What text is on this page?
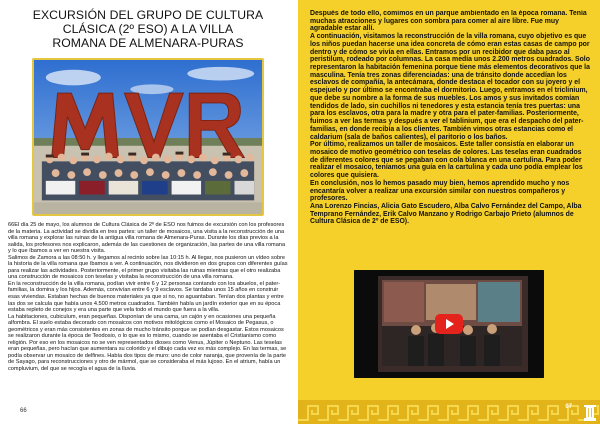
EXCURSIÓN DEL GRUPO DE CULTURA
CLÁSICA (2º ESO) A LA VILLA
ROMANA DE ALMENARA-PURAS

66El día 25 de mayo, los alumnos de Cultura Clásica de 2º de ESO nos fuimos de excursión con los profesores de la materia. La actividad se dividía en tres partes: un taller de mosaicos, una visita a la reconstrucción de una villa romana y explorar las ruinas de la antigua villa romana de Almenara-Puras. Durante los días previos a la salida, los profesores nos explicaron, además de las cuestiones de organización, las partes de una villa romana y lo que íbamos a ver en nuestra visita.

Salimos de Zamora a las 08:50 h. y llegamos al recinto sobre las 10:15 h. Al llegar, nos pusieron un vídeo sobre la historia de la villa romana que íbamos a ver. A continuación, nos dividieron en dos grupos con diferentes guías para realizar las actividades. Posteriormente, el primer grupo visitaba las ruinas mientras que el otro realizaba una construcción de mosaicos con teselas y visitaba la reconstrucción de una villa romana.

En la reconstrucción de la villa romana, podían vivir entre 6 y 12 personas contando con los abuelos, el pater-familias, la domina y los hijos. Además, convivían entre 6 y 9 esclavos. Se tardaba unos 15 años en construir esas viviendas. Estaban hechas de buenos materiales ya que si no, no aguantaban. Tenían dos plantas y entre las dos se calcula que había unos 4.500 metros cuadrados. También había un jardín exterior que en su época estaba repleto de conejos y era una parte que vela todo el mundo que fuera a la villa.

La habitaciones, cubiculum, eran pequeñas. Disponían de una cama, un cajón y en ocasiones una pequeña alfombra. El suelo estaba decorado con mosaicos con motivos mitológicos como el Mosaico de Pegasus, o geométricos y eran más consistentes en zonas de mucho tránsito porque se podían desgastar. Estos mosaicos se realizaron durante la época de Teodosio, o lo que es lo mismo, cuando se asentaba el Cristianismo como religión. Por eso en los mosaicos no se ven representados dioses como Venus, Júpiter o Neptuno. Las teselas eran pequeñas, pero hacían que aumentara su colorido y el dibujo cada vez es más complejo. En las termas, se podía observar un mosaico de delfines. Había dos tipos de muro: uno de color naranja, que provenía de la parte de Sayago, para reconstrucciones y otro de mármol, que se consideraba el más lujoso. En el atrium, había un compluvium, del que se recogía el agua de la lluvia.

66

Después de todo ello, comimos en un parque ambientado en la época romana. Tenía muchas atracciones y lugares con sombra para comer al aire libre. Fue muy agradable estar allí.

A continuación, visitamos la reconstrucción de la villa romana, cuyo objetivo es que los niños puedan hacerse una idea concreta de cómo eran estas casas de campo por dentro y de cómo se vivía en ellas. Entramos por un recibidor que daba paso al peristilum, rodeado por columnas. La casa medía unos 2.200 metros cuadrados. Solo representaron la habitación femenina porque tiene más elementos decorativos que la masculina. Tenía tres zonas diferenciadas: una de tránsito donde accedían los esclavos de compañía, la antecámara, donde destaca el tocador con su joyero y el espejuelo y por último se encontraba el dormitorio. Luego, entramos en el triclinium, que debe su nombre a la forma de sus muebles. Los amos y sus invitados comían tendidos de lado, sin cuchillos ni tenedores y esta estancia tenía tres puertas: una para los esclavos, otra para la madre y otra para el pater-familias. Posteriormente, fuimos a ver las termas y después a ver el tablinium, que era el despacho del pater-familias, en donde recibía a los clientes. También vimos otras estancias como el caldarium (sala de baños calientes), el paritorio o los baños.

Por último, realizamos un taller de mosaicos. Este taller consistía en elaborar un mosaico de motivo geométrico con teselas de colores. Las teselas eran cuadrados de diferentes colores que se pegaban con cola blanca en una cartulina. Para poder realizar el mosaico, teníamos una guía en la cartulina y cada uno podía emplear los colores que quisiera.

En conclusión, nos lo hemos pasado muy bien, hemos aprendido mucho y nos encantaría volver a realizar una excursión similar con nuestros compañeros y profesores.

Ana Lorenzo Fincias, Alicia Gato Escudero, Alba Calvo Fernández del Campo, Alba Temprano Fernández, Erik Calvo Manzano y Rodrigo Carbajo Prieto (alumnos de Cultura Clásica de 2º de ESO).

07
